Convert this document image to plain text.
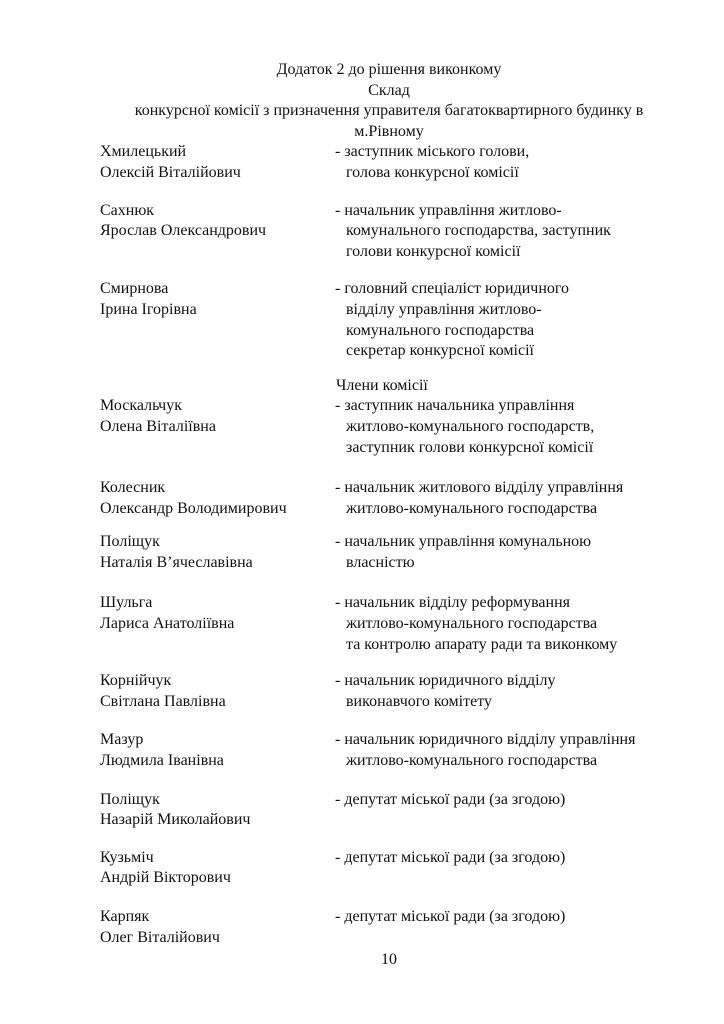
Додаток 2 до рішення виконкому
Склад
конкурсної комісії з призначення управителя багатоквартирного будинку в
м.Рівному
Хмилецький
Олексій Віталійович
- заступник міського голови,
голова конкурсної комісії
Сахнюк
Ярослав Олександрович
- начальник управління житлово-
комунального господарства, заступник
голови конкурсної комісії
Смирнова
Ірина Ігорівна
- головний спеціаліст юридичного
відділу управління житлово-
комунального господарства
секретар конкурсної комісії
Члени комісії
Москальчук
Олена Віталіївна
- заступник начальника управління
житлово-комунального господарств,
заступник голови конкурсної комісії
Колесник
Олександр Володимирович
- начальник житлового відділу управління
житлово-комунального господарства
Поліщук
Наталія В’ячеславівна
- начальник управління комунальною
власністю
Шульга
Лариса Анатоліївна
- начальник відділу реформування
житлово-комунального господарства
та контролю апарату ради та виконкому
Корнійчук
Світлана Павлівна
- начальник юридичного відділу
виконавчого комітету
Мазур
Людмила Іванівна
- начальник юридичного відділу управління
житлово-комунального господарства
Поліщук
Назарій Миколайович
- депутат міської ради (за згодою)
Кузьміч
Андрій Вікторович
- депутат міської ради (за згодою)
Карпяк
Олег Віталійович
- депутат міської ради (за згодою)
10
